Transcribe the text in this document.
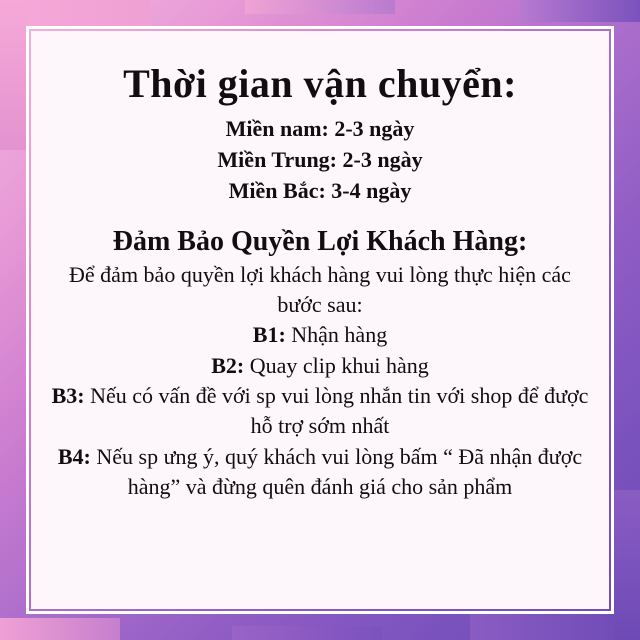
Thời gian vận chuyển:
Miền nam: 2-3 ngày
Miền Trung: 2-3 ngày
Miền Bắc: 3-4 ngày
Đảm Bảo Quyền Lợi Khách Hàng:
Để đảm bảo quyền lợi khách hàng vui lòng thực hiện các bước sau:
B1: Nhận hàng
B2: Quay clip khui hàng
B3: Nếu có vấn đề với sp vui lòng nhắn tin với shop để được hỗ trợ sớm nhất
B4: Nếu sp ưng ý, quý khách vui lòng bấm “ Đã nhận được hàng” và đừng quên đánh giá cho sản phẩm
